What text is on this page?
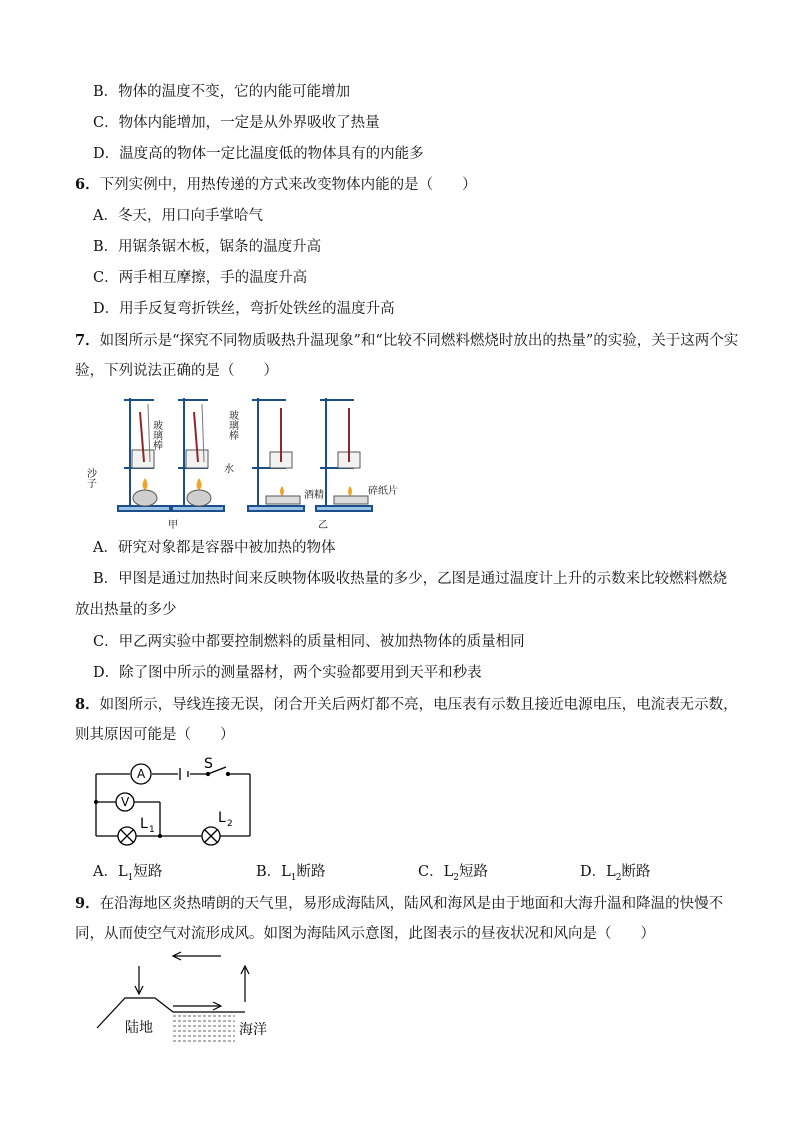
B．物体的温度不变，它的内能可能增加
C．物体内能增加，一定是从外界吸收了热量
D．温度高的物体一定比温度低的物体具有的内能多
6．下列实例中，用热传递的方式来改变物体内能的是（　　）
A．冬天，用口向手掌哈气
B．用锯条锯木板，锯条的温度升高
C．两手相互摩擦，手的温度升高
D．用手反复弯折铁丝，弯折处铁丝的温度升高
7．如图所示是“探究不同物质吸热升温现象”和“比较不同燃料燃烧时放出的热量”的实验，关于这两个实
验，下列说法正确的是（　　）
玻璃棒	玻璃棒
沙子	水
酒精	碎纸片
甲	乙
A．研究对象都是容器中被加热的物体
B．甲图是通过加热时间来反映物体吸收热量的多少，乙图是通过温度计上升的示数来比较燃料燃烧
放出热量的多少
C．甲乙两实验中都要控制燃料的质量相同、被加热物体的质量相同
D．除了图中所示的测量器材，两个实验都要用到天平和秒表
8．如图所示，导线连接无误，闭合开关后两灯都不亮，电压表有示数且接近电源电压，电流表无示数，
则其原因可能是（　　）
A
V
S
L 1
L 2
A．$L_1$短路	B．$L_1$断路	C．$L_2$短路	D．$L_2$断路
9．在沿海地区炎热晴朗的天气里，易形成海陆风，陆风和海风是由于地面和大海升温和降温的快慢不
同，从而使空气对流形成风。如图为海陆风示意图，此图表示的昼夜状况和风向是（　　）
陆地	海洋
